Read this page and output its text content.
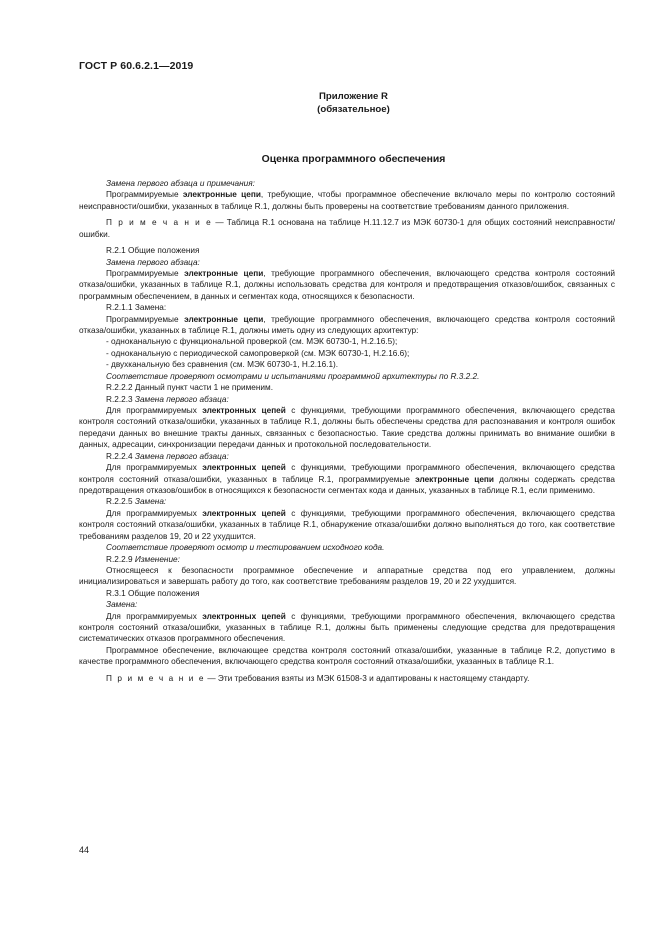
ГОСТ Р 60.6.2.1—2019
Приложение R
(обязательное)
Оценка программного обеспечения

Замена первого абзаца и примечания:

Программируемые электронные цепи, требующие, чтобы программное обеспечение включало меры по контролю состояний неисправности/ошибки, указанных в таблице R.1, должны быть проверены на соответствие требованиям данного приложения.

П р и м е ч а н и е — Таблица R.1 основана на таблице H.11.12.7 из МЭК 60730-1 для общих состояний неисправности/ошибки.

R.2.1 Общие положения

Замена первого абзаца:

Программируемые электронные цепи, требующие программного обеспечения, включающего средства контроля состояний отказа/ошибки, указанных в таблице R.1, должны использовать средства для контроля и предотвращения отказов/ошибок, связанных с программным обеспечением, в данных и сегментах кода, относящихся к безопасности.

R.2.1.1 Замена:

Программируемые электронные цепи, требующие программного обеспечения, включающего средства контроля состояний отказа/ошибки, указанных в таблице R.1, должны иметь одну из следующих архитектур:

- одноканальную с функциональной проверкой (см. МЭК 60730-1, H.2.16.5);

- одноканальную с периодической самопроверкой (см. МЭК 60730-1, H.2.16.6);

- двухканальную без сравнения (см. МЭК 60730-1, H.2.16.1).

Соответствие проверяют осмотрами и испытаниями программной архитектуры по R.3.2.2.

R.2.2.2 Данный пункт части 1 не применим.

R.2.2.3 Замена первого абзаца:

Для программируемых электронных цепей с функциями, требующими программного обеспечения, включающего средства контроля состояний отказа/ошибки, указанных в таблице R.1, должны быть обеспечены средства для распознавания и контроля ошибок передачи данных во внешние тракты данных, связанных с безопасностью. Такие средства должны принимать во внимание ошибки в данных, адресации, синхронизации передачи данных и протокольной последовательности.

R.2.2.4 Замена первого абзаца:

Для программируемых электронных цепей с функциями, требующими программного обеспечения, включающего средства контроля состояний отказа/ошибки, указанных в таблице R.1, программируемые электронные цепи должны содержать средства предотвращения отказов/ошибок в относящихся к безопасности сегментах кода и данных, указанных в таблице R.1, если применимо.

R.2.2.5 Замена:

Для программируемых электронных цепей с функциями, требующими программного обеспечения, включающего средства контроля состояний отказа/ошибки, указанных в таблице R.1, обнаружение отказа/ошибки должно выполняться до того, как соответствие требованиям разделов 19, 20 и 22 ухудшится.

Соответствие проверяют осмотр и тестированием исходного кода.

R.2.2.9 Изменение:

Относящееся к безопасности программное обеспечение и аппаратные средства под его управлением, должны инициализироваться и завершать работу до того, как соответствие требованиям разделов 19, 20 и 22 ухудшится.

R.3.1 Общие положения

Замена:

Для программируемых электронных цепей с функциями, требующими программного обеспечения, включающего средства контроля состояний отказа/ошибки, указанных в таблице R.1, должны быть применены следующие средства для предотвращения систематических отказов программного обеспечения.

Программное обеспечение, включающее средства контроля состояний отказа/ошибки, указанные в таблице R.2, допустимо в качестве программного обеспечения, включающего средства контроля состояний отказа/ошибки, указанных в таблице R.1.

П р и м е ч а н и е — Эти требования взяты из МЭК 61508-3 и адаптированы к настоящему стандарту.

44
